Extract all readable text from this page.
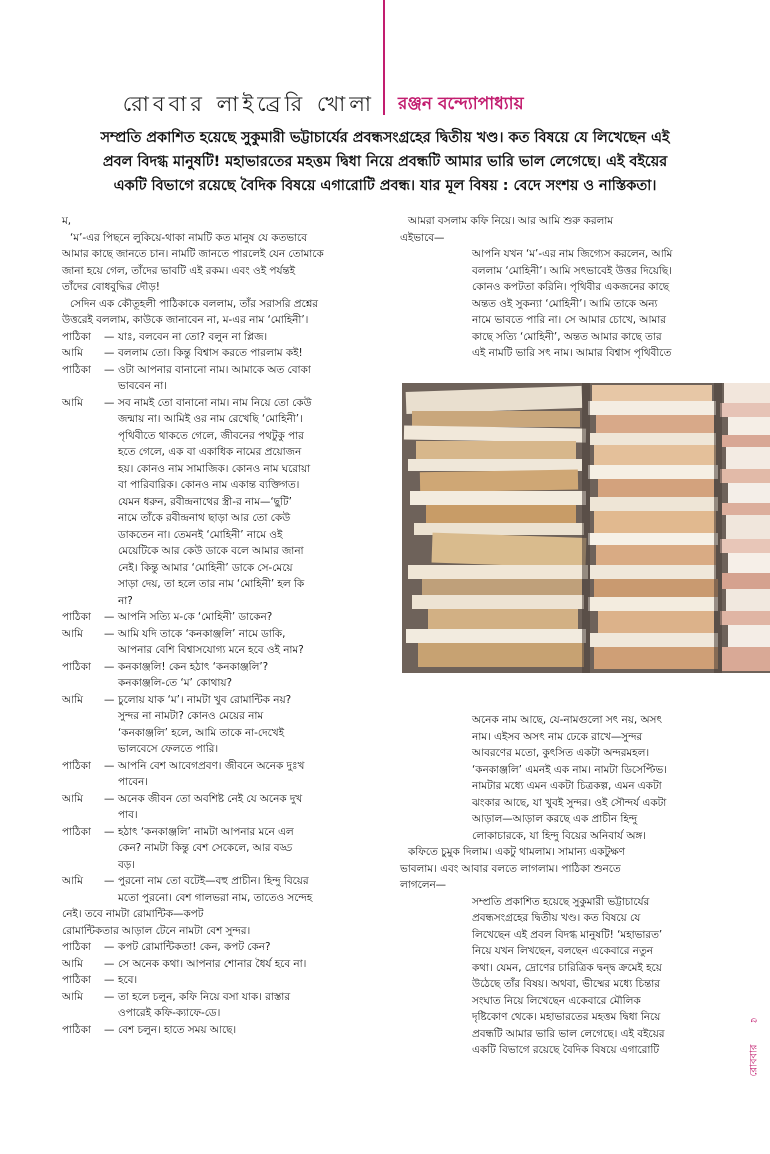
রোববার লাইব্রেরি খোলা রঞ্জন বন্দ্যোপাধ্যায়
সম্প্রতি প্রকাশিত হয়েছে সুকুমারী ভট্টাচার্যের প্রবন্ধসংগ্রহের দ্বিতীয় খণ্ড। কত বিষয়ে যে লিখেছেন এই
প্রবল বিদগ্ধ মানুষটি! মহাভারতের মহত্তম দ্বিধা নিয়ে প্রবন্ধটি আমার ভারি ভাল লেগেছে। এই বইয়ের
একটি বিভাগে রয়েছে বৈদিক বিষয়ে এগারোটি প্রবন্ধ। যার মূল বিষয় : বেদে সংশয় ও নাস্তিকতা।
ম,
‘ম’-এর পিছনে লুকিয়ে-থাকা নামটি কত মানুষ যে কতভাবে
আমার কাছে জানতে চান। নামটি জানতে পারলেই যেন তোমাকে
জানা হয়ে গেল, তাঁদের ভাবটি এই রকম। এবং ওই পর্যন্তই
তাঁদের বোধবুদ্ধির দৌড়!
সেদিন এক কৌতূহলী পাঠিকাকে বললাম, তাঁর সরাসরি প্রশ্নের
উত্তরেই বললাম, কাউকে জানাবেন না, ম-এর নাম ‘মোহিনী’।
পাঠিকা	— যাঃ, বলবেন না তো? বলুন না প্লিজ।
আমি	— বললাম তো। কিন্তু বিশ্বাস করতে পারলাম কই!
পাঠিকা	— ওটা আপনার বানানো নাম। আমাকে অত বোকা
ভাববেন না।
আমি	— সব নামই তো বানানো নাম। নাম নিয়ে তো কেউ
জন্মায় না। আমিই ওর নাম রেখেছি ‘মোহিনী’।
পৃথিবীতে থাকতে গেলে, জীবনের পথটুকু পার
হতে গেলে, এক বা একাধিক নামের প্রয়োজন
হয়। কোনও নাম সামাজিক। কোনও নাম ঘরোয়া
বা পারিবারিক। কোনও নাম একান্ত ব্যক্তিগত।
যেমন ধরুন, রবীন্দ্রনাথের স্ত্রী-র নাম—‘ছুটি’
নামে তাঁকে রবীন্দ্রনাথ ছাড়া আর তো কেউ
ডাকতেন না। তেমনই ‘মোহিনী’ নামে ওই
মেয়েটিকে আর কেউ ডাকে বলে আমার জানা
নেই। কিন্তু আমার ‘মোহিনী’ ডাকে সে-মেয়ে
সাড়া দেয়, তা হলে তার নাম ‘মোহিনী’ হল কি
না?
পাঠিকা	— আপনি সত্যি ম-কে ‘মোহিনী’ ডাকেন?
আমি	— আমি যদি তাকে ‘কনকাঞ্জলি’ নামে ডাকি,
আপনার বেশি বিশ্বাসযোগ্য মনে হবে ওই নাম?
পাঠিকা	— কনকাঞ্জলি! কেন হঠাৎ ‘কনকাঞ্জলি’?
কনকাঞ্জলি-তে ‘ম’ কোথায়?
আমি	— চুলোয় যাক ‘ম’। নামটা খুব রোমান্টিক নয়?
সুন্দর না নামটা? কোনও মেয়ের নাম
‘কনকাঞ্জলি’ হলে, আমি তাকে না-দেখেই
ভালবেসে ফেলতে পারি।
পাঠিকা	— আপনি বেশ আবেগপ্রবণ। জীবনে অনেক দুঃখ
পাবেন।
আমি	— অনেক জীবন তো অবশিষ্ট নেই যে অনেক দুখ
পাব।
পাঠিকা	— হঠাৎ ‘কনকাঞ্জলি’ নামটা আপনার মনে এল
কেন? নামটা কিন্তু বেশ সেকেলে, আর বড্ড
বড়।
আমি	— পুরনো নাম তো বটেই—বহু প্রাচীন। হিন্দু বিয়ের
মতো পুরনো। বেশ গালভরা নাম, তাতেও সন্দেহ
নেই। তবে নামটা রোমান্টিক—কপট
রোমান্টিকতার আড়াল টেনে নামটা বেশ সুন্দর।
পাঠিকা	— কপট রোমান্টিকতা! কেন, কপট কেন?
আমি	— সে অনেক কথা। আপনার শোনার ধৈর্য হবে না।
পাঠিকা	— হবে।
আমি	— তা হলে চলুন, কফি নিয়ে বসা যাক। রাস্তার
ওপারেই কফি-ক্যাফে-ডে।
পাঠিকা	— বেশ চলুন। হাতে সময় আছে।
আমরা বসলাম কফি নিয়ে। আর আমি শুরু করলাম
এইভাবে—
আপনি যখন ‘ম’-এর নাম জিগ্যেস করলেন, আমি
বললাম ‘মোহিনী’। আমি সৎভাবেই উত্তর দিয়েছি।
কোনও কপটতা করিনি। পৃথিবীর একজনের কাছে
অন্তত ওই সুকন্যা ‘মোহিনী’। আমি তাকে অন্য
নামে ভাবতে পারি না। সে আমার চোখে, আমার
কাছে সত্যি ‘মোহিনী’, অন্তত আমার কাছে তার
এই নামটি ভারি সৎ নাম। আমার বিশ্বাস পৃথিবীতে
অনেক নাম আছে, যে-নামগুলো সৎ নয়, অসৎ
নাম। এইসব অসৎ নাম ঢেকে রাখে—সুন্দর
আবরণের মতো, কুৎসিত একটা অন্দরমহল।
‘কনকাঞ্জলি’ এমনই এক নাম। নামটা ডিসেপ্টিভ।
নামটার মধ্যে এমন একটা চিত্রকল্প, এমন একটা
ঝংকার আছে, যা খুবই সুন্দর। ওই সৌন্দর্য একটা
আড়াল—আড়াল করছে এক প্রাচীন হিন্দু
লোকাচারকে, যা হিন্দু বিয়ের অনিবার্য অঙ্গ।
কফিতে চুমুক দিলাম। একটু থামলাম। সামান্য একটুক্ষণ
ভাবলাম। এবং আবার বলতে লাগলাম। পাঠিকা শুনতে
লাগলেন—
সম্প্রতি প্রকাশিত হয়েছে সুকুমারী ভট্টাচার্যের
প্রবন্ধসংগ্রহের দ্বিতীয় খণ্ড। কত বিষয়ে যে
লিখেছেন এই প্রবল বিদগ্ধ মানুষটি! ‘মহাভারত’
নিয়ে যখন লিখছেন, বলছেন একেবারে নতুন
কথা। যেমন, দ্রোণের চারিত্রিক দ্বন্দ্ব ক্রমেই হয়ে
উঠেছে তাঁর বিষয়। অথবা, ভীষ্মের মধ্যে চিন্তার
সংঘাত নিয়ে লিখেছেন একেবারে মৌলিক
দৃষ্টিকোণ থেকে। মহাভারতের মহত্তম দ্বিধা নিয়ে
প্রবন্ধটি আমার ভারি ভাল লেগেছে। এই বইয়ের
একটি বিভাগে রয়েছে বৈদিক বিষয়ে এগারোটি
৫
রোববার
